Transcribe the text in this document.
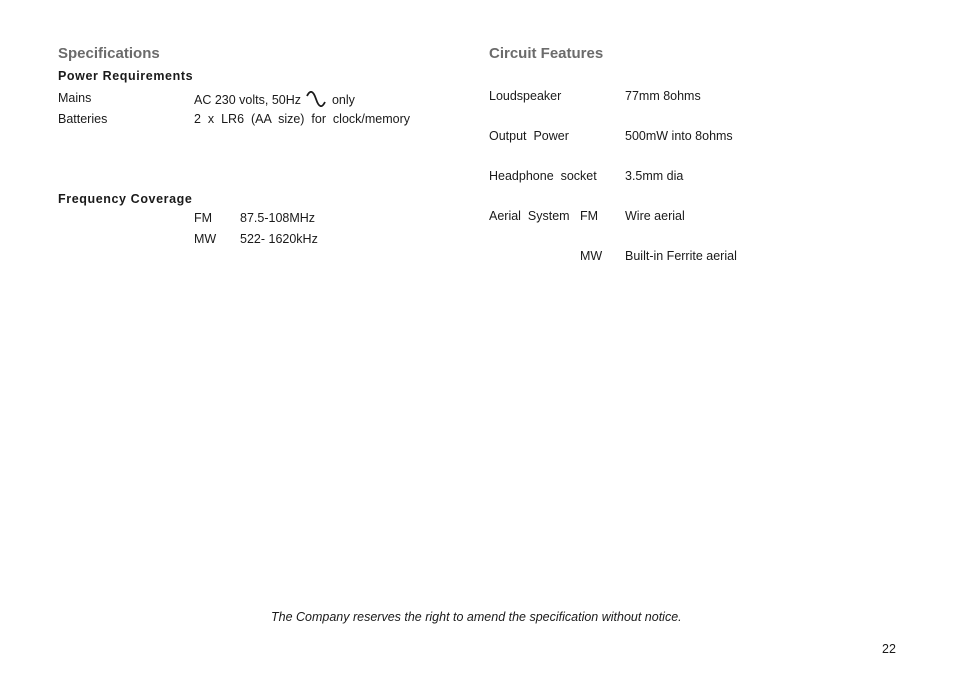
Specifications
Power Requirements
Mains	AC 230 volts, 50Hz only
Batteries	2  x  LR6  (AA  size)  for  clock/memory
Frequency Coverage
FM 87.5-108MHz
MW 522- 1620kHz
Circuit Features
Loudspeaker	77mm 8ohms
Output  Power	500mW into 8ohms
Headphone  socket 3.5mm dia
Aerial  System   FM Wire aerial
MW Built-in Ferrite aerial
The Company reserves the right to amend the specification without notice.
22
